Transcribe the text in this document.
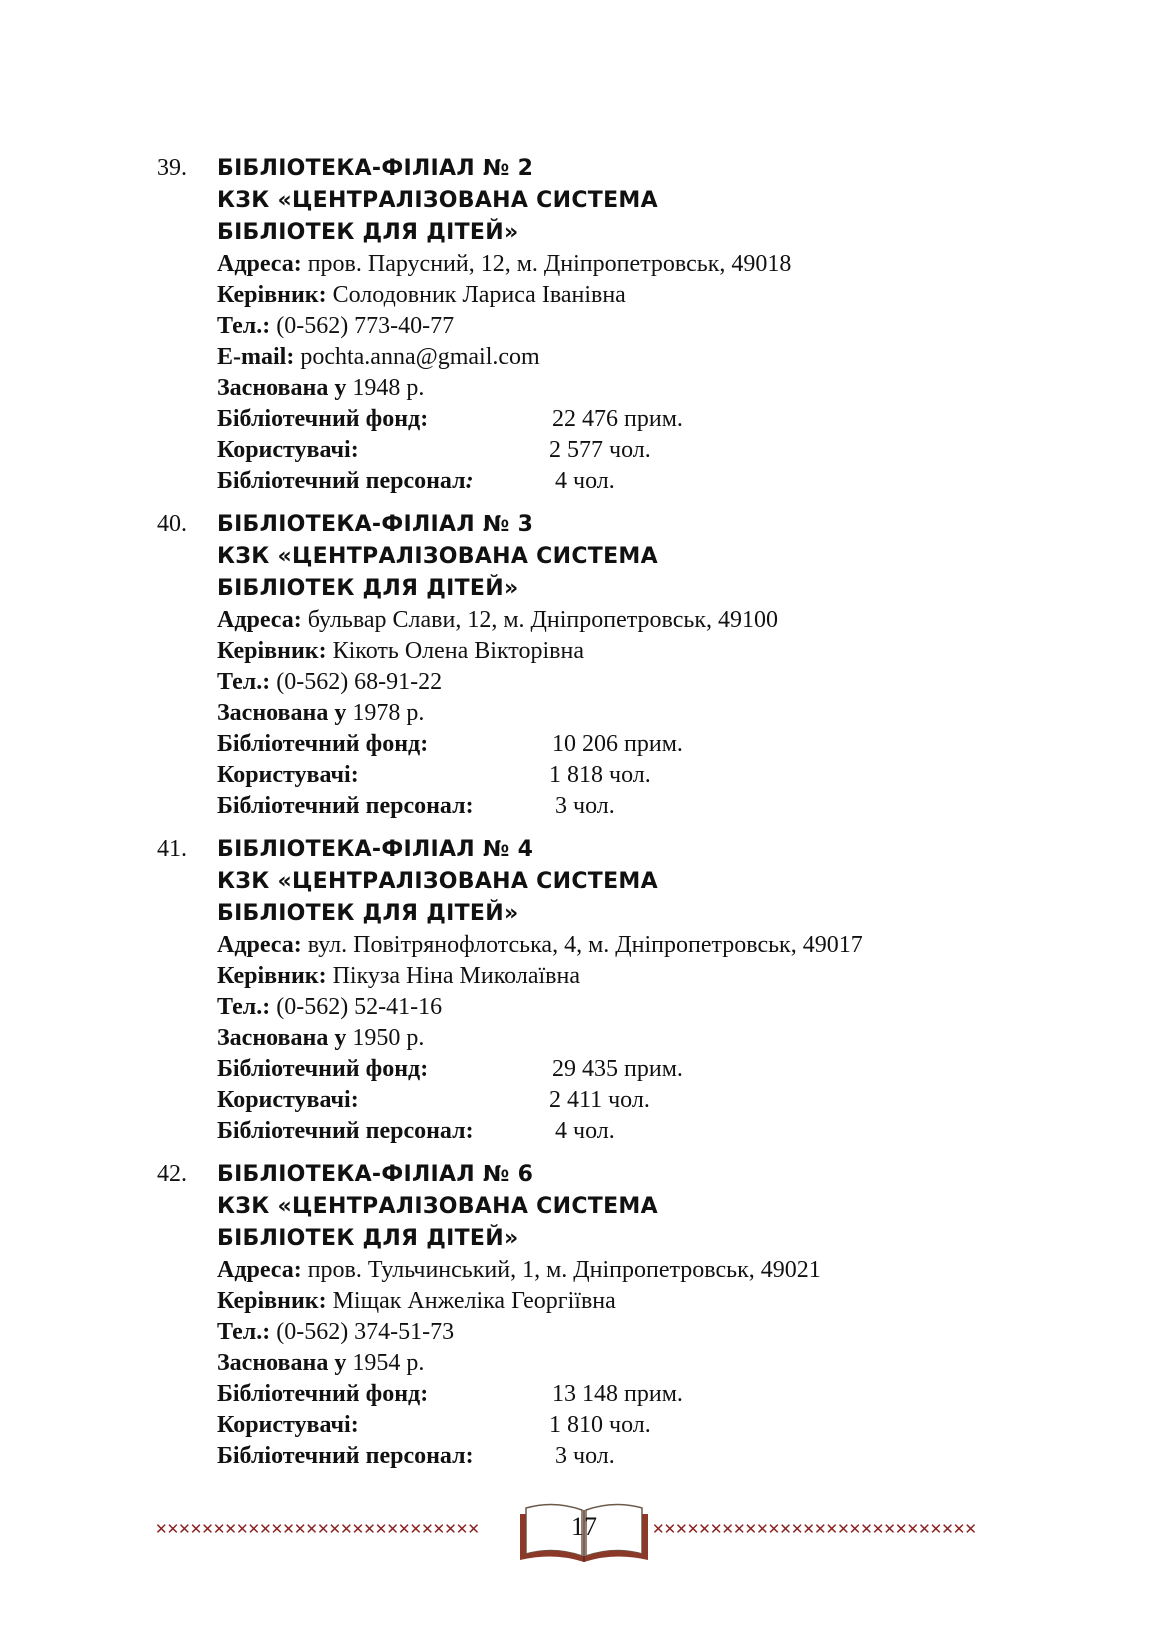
39. БІБЛІОТЕКА-ФІЛІАЛ № 2
КЗК «ЦЕНТРАЛІЗОВАНА СИСТЕМА
БІБЛІОТЕК ДЛЯ ДІТЕЙ»
Адреса: пров. Парусний, 12, м. Дніпропетровськ, 49018
Керівник: Солодовник Лариса Іванівна
Тел.: (0-562) 773-40-77
E-mail: pochta.anna@gmail.com
Заснована у 1948 р.
Бібліотечний фонд:	22 476 прим.
Користувачі:	2 577 чол.
Бібліотечний персонал:	4 чол.
40. БІБЛІОТЕКА-ФІЛІАЛ № 3
КЗК «ЦЕНТРАЛІЗОВАНА СИСТЕМА
БІБЛІОТЕК ДЛЯ ДІТЕЙ»
Адреса: бульвар Слави, 12, м. Дніпропетровськ, 49100
Керівник: Кікоть Олена Вікторівна
Тел.: (0-562) 68-91-22
Заснована у 1978 р.
Бібліотечний фонд:	10 206 прим.
Користувачі:	1 818 чол.
Бібліотечний персонал:	3 чол.
41. БІБЛІОТЕКА-ФІЛІАЛ № 4
КЗК «ЦЕНТРАЛІЗОВАНА СИСТЕМА
БІБЛІОТЕК ДЛЯ ДІТЕЙ»
Адреса: вул. Повітрянофлотська, 4, м. Дніпропетровськ, 49017
Керівник: Пікуза Ніна Миколаївна
Тел.: (0-562) 52-41-16
Заснована у 1950 р.
Бібліотечний фонд:	29 435 прим.
Користувачі:	2 411 чол.
Бібліотечний персонал:	4 чол.
42. БІБЛІОТЕКА-ФІЛІАЛ № 6
КЗК «ЦЕНТРАЛІЗОВАНА СИСТЕМА
БІБЛІОТЕК ДЛЯ ДІТЕЙ»
Адреса: пров. Тульчинський, 1, м. Дніпропетровськ, 49021
Керівник: Міщак Анжеліка Георгіївна
Тел.: (0-562) 374-51-73
Заснована у 1954 р.
Бібліотечний фонд:	13 148 прим.
Користувачі:	1 810 чол.
Бібліотечний персонал:	3 чол.
✕✕✕✕✕✕✕✕✕✕✕✕✕✕✕✕✕✕✕✕✕✕✕✕✕✕✕✕	17	✕✕✕✕✕✕✕✕✕✕✕✕✕✕✕✕✕✕✕✕✕✕✕✕✕✕✕✕
